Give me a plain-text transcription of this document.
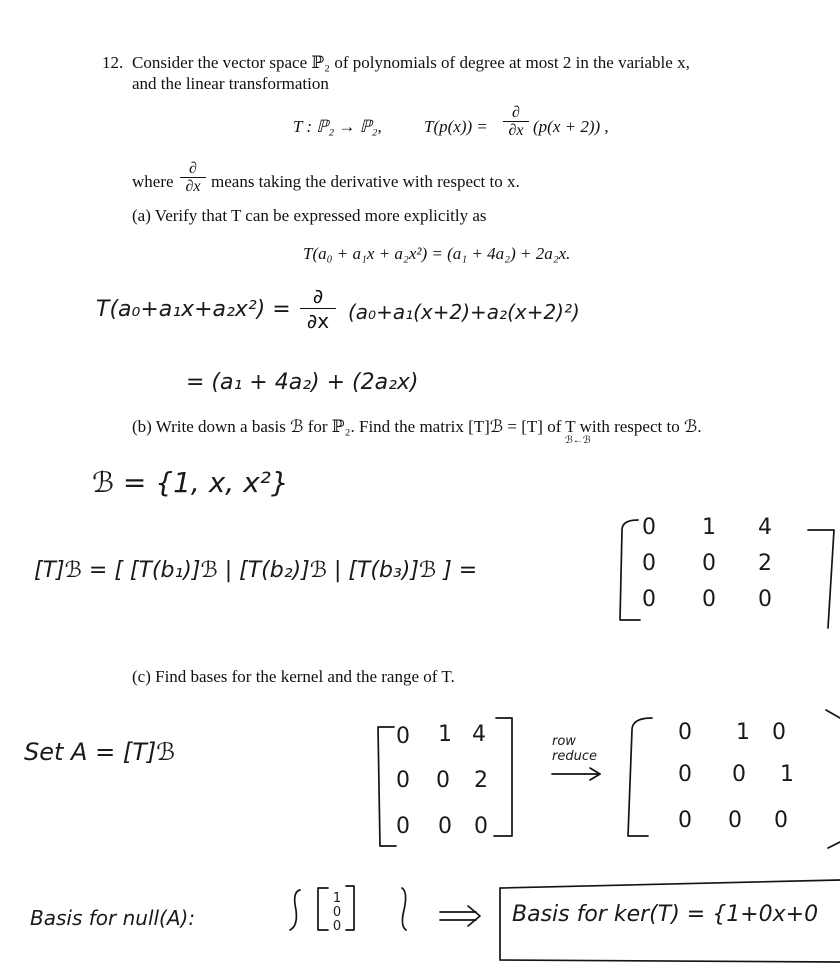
12. Consider the vector space ℙ₂ of polynomials of degree at most 2 in the variable x,
and the linear transformation
T : ℙ₂ → ℙ₂, T(p(x)) =
∂
∂x (p(x + 2)) ,
where
∂
∂x means taking the derivative with respect to x.
(a) Verify that T can be expressed more explicitly as
T(a₀ + a₁x + a₂x²) = (a₁ + 4a₂) + 2a₂x.
(b) Write down a basis ℬ for ℙ₂. Find the matrix [T]ℬ = [T] of T with respect to ℬ.
ℬ←ℬ
(c) Find bases for the kernel and the range of T.
T(a₀+a₁x+a₂x²) =
∂
∂x (a₀+a₁(x+2)+a₂(x+2)²)
= (a₁ + 4a₂) + (2a₂x)
ℬ = {1, x, x²}
[T]ℬ = [ [T(b₁)]ℬ | [T(b₂)]ℬ | [T(b₃)]ℬ ] =
0 1 4
0 0 2
0 0 0
Set A = [T]ℬ
0 1 4
0 0 2
0 0 0
row reduce
0 1 0
0 0 1
0 0 0
Basis for null(A):
1
0
0	Basis for ker(T) = {1+0x+0
